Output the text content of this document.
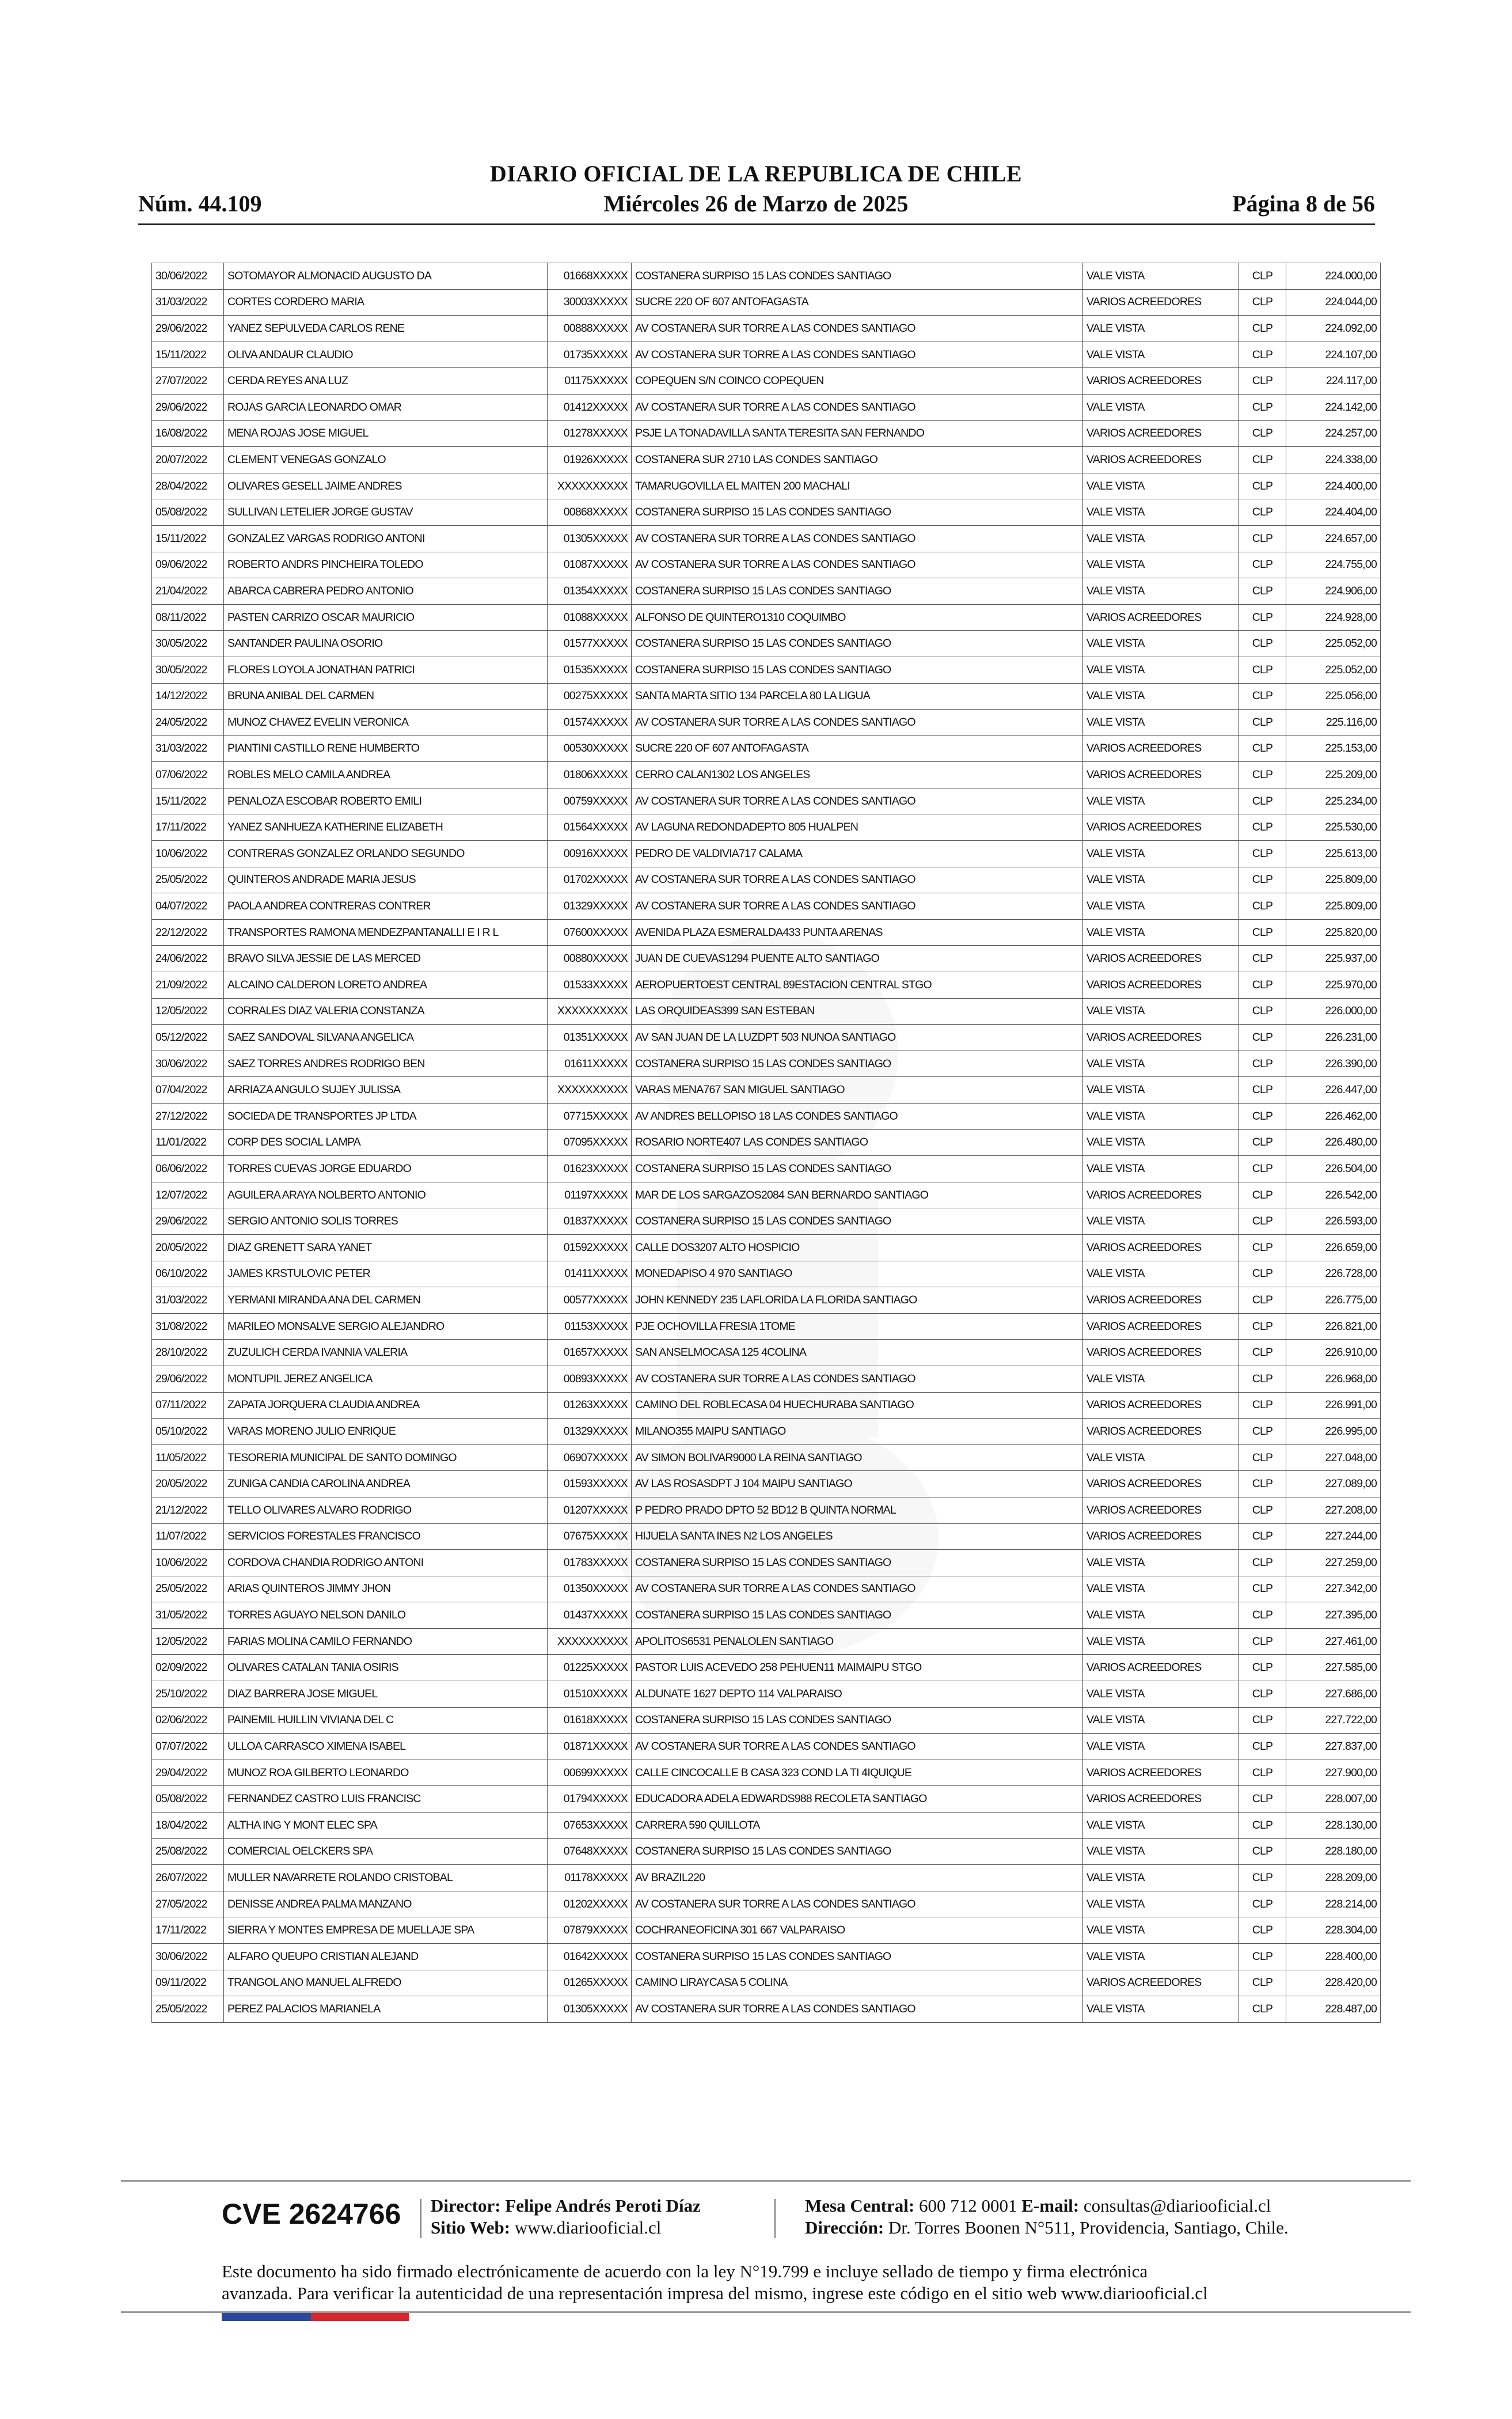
DIARIO OFICIAL DE LA REPUBLICA DE CHILE
Núm. 44.109	Miércoles 26 de Marzo de 2025	Página 8 de 56
30/06/2022	SOTOMAYOR ALMONACID AUGUSTO DA	01668XXXXX	COSTANERA SURPISO 15 LAS CONDES SANTIAGO	VALE VISTA	CLP	224.000,00
31/03/2022	CORTES CORDERO MARIA	30003XXXXX	SUCRE 220 OF 607 ANTOFAGASTA	VARIOS ACREEDORES	CLP	224.044,00
29/06/2022	YANEZ SEPULVEDA CARLOS RENE	00888XXXXX	AV COSTANERA SUR TORRE A LAS CONDES SANTIAGO	VALE VISTA	CLP	224.092,00
15/11/2022	OLIVA ANDAUR CLAUDIO	01735XXXXX	AV COSTANERA SUR TORRE A LAS CONDES SANTIAGO	VALE VISTA	CLP	224.107,00
27/07/2022	CERDA REYES ANA LUZ	01175XXXXX	COPEQUEN S/N COINCO COPEQUEN	VARIOS ACREEDORES	CLP	224.117,00
29/06/2022	ROJAS GARCIA LEONARDO OMAR	01412XXXXX	AV COSTANERA SUR TORRE A LAS CONDES SANTIAGO	VALE VISTA	CLP	224.142,00
16/08/2022	MENA ROJAS JOSE MIGUEL	01278XXXXX	PSJE LA TONADAVILLA SANTA TERESITA SAN FERNANDO	VARIOS ACREEDORES	CLP	224.257,00
20/07/2022	CLEMENT VENEGAS GONZALO	01926XXXXX	COSTANERA SUR 2710 LAS CONDES SANTIAGO	VARIOS ACREEDORES	CLP	224.338,00
28/04/2022	OLIVARES GESELL JAIME ANDRES	XXXXXXXXXX	TAMARUGOVILLA EL MAITEN 200 MACHALI	VALE VISTA	CLP	224.400,00
05/08/2022	SULLIVAN LETELIER JORGE GUSTAV	00868XXXXX	COSTANERA SURPISO 15 LAS CONDES SANTIAGO	VALE VISTA	CLP	224.404,00
15/11/2022	GONZALEZ VARGAS RODRIGO ANTONI	01305XXXXX	AV COSTANERA SUR TORRE A LAS CONDES SANTIAGO	VALE VISTA	CLP	224.657,00
09/06/2022	ROBERTO ANDRS PINCHEIRA TOLEDO	01087XXXXX	AV COSTANERA SUR TORRE A LAS CONDES SANTIAGO	VALE VISTA	CLP	224.755,00
21/04/2022	ABARCA CABRERA PEDRO ANTONIO	01354XXXXX	COSTANERA SURPISO 15 LAS CONDES SANTIAGO	VALE VISTA	CLP	224.906,00
08/11/2022	PASTEN CARRIZO OSCAR MAURICIO	01088XXXXX	ALFONSO DE QUINTERO1310 COQUIMBO	VARIOS ACREEDORES	CLP	224.928,00
30/05/2022	SANTANDER PAULINA OSORIO	01577XXXXX	COSTANERA SURPISO 15 LAS CONDES SANTIAGO	VALE VISTA	CLP	225.052,00
30/05/2022	FLORES LOYOLA JONATHAN PATRICI	01535XXXXX	COSTANERA SURPISO 15 LAS CONDES SANTIAGO	VALE VISTA	CLP	225.052,00
14/12/2022	BRUNA ANIBAL DEL CARMEN	00275XXXXX	SANTA MARTA SITIO 134 PARCELA 80 LA LIGUA	VALE VISTA	CLP	225.056,00
24/05/2022	MUNOZ CHAVEZ EVELIN VERONICA	01574XXXXX	AV COSTANERA SUR TORRE A LAS CONDES SANTIAGO	VALE VISTA	CLP	225.116,00
31/03/2022	PIANTINI CASTILLO RENE HUMBERTO	00530XXXXX	SUCRE 220 OF 607 ANTOFAGASTA	VARIOS ACREEDORES	CLP	225.153,00
07/06/2022	ROBLES MELO CAMILA ANDREA	01806XXXXX	CERRO CALAN1302 LOS ANGELES	VARIOS ACREEDORES	CLP	225.209,00
15/11/2022	PENALOZA ESCOBAR ROBERTO EMILI	00759XXXXX	AV COSTANERA SUR TORRE A LAS CONDES SANTIAGO	VALE VISTA	CLP	225.234,00
17/11/2022	YANEZ SANHUEZA KATHERINE ELIZABETH	01564XXXXX	AV LAGUNA REDONDADEPTO 805 HUALPEN	VARIOS ACREEDORES	CLP	225.530,00
10/06/2022	CONTRERAS GONZALEZ ORLANDO SEGUNDO	00916XXXXX	PEDRO DE VALDIVIA717 CALAMA	VALE VISTA	CLP	225.613,00
25/05/2022	QUINTEROS ANDRADE MARIA JESUS	01702XXXXX	AV COSTANERA SUR TORRE A LAS CONDES SANTIAGO	VALE VISTA	CLP	225.809,00
04/07/2022	PAOLA ANDREA CONTRERAS CONTRER	01329XXXXX	AV COSTANERA SUR TORRE A LAS CONDES SANTIAGO	VALE VISTA	CLP	225.809,00
22/12/2022	TRANSPORTES RAMONA MENDEZPANTANALLI E I R L	07600XXXXX	AVENIDA PLAZA ESMERALDA433 PUNTA ARENAS	VALE VISTA	CLP	225.820,00
24/06/2022	BRAVO SILVA JESSIE DE LAS MERCED	00880XXXXX	JUAN DE CUEVAS1294 PUENTE ALTO SANTIAGO	VARIOS ACREEDORES	CLP	225.937,00
21/09/2022	ALCAINO CALDERON LORETO ANDREA	01533XXXXX	AEROPUERTOEST CENTRAL 89ESTACION CENTRAL STGO	VARIOS ACREEDORES	CLP	225.970,00
12/05/2022	CORRALES DIAZ VALERIA CONSTANZA	XXXXXXXXXX	LAS ORQUIDEAS399 SAN ESTEBAN	VALE VISTA	CLP	226.000,00
05/12/2022	SAEZ SANDOVAL SILVANA ANGELICA	01351XXXXX	AV SAN JUAN DE LA LUZDPT 503 NUNOA SANTIAGO	VARIOS ACREEDORES	CLP	226.231,00
30/06/2022	SAEZ TORRES ANDRES RODRIGO BEN	01611XXXXX	COSTANERA SURPISO 15 LAS CONDES SANTIAGO	VALE VISTA	CLP	226.390,00
07/04/2022	ARRIAZA ANGULO SUJEY JULISSA	XXXXXXXXXX	VARAS MENA767 SAN MIGUEL SANTIAGO	VALE VISTA	CLP	226.447,00
27/12/2022	SOCIEDA DE TRANSPORTES JP LTDA	07715XXXXX	AV ANDRES BELLOPISO 18 LAS CONDES SANTIAGO	VALE VISTA	CLP	226.462,00
11/01/2022	CORP DES SOCIAL LAMPA	07095XXXXX	ROSARIO NORTE407 LAS CONDES SANTIAGO	VALE VISTA	CLP	226.480,00
06/06/2022	TORRES CUEVAS JORGE EDUARDO	01623XXXXX	COSTANERA SURPISO 15 LAS CONDES SANTIAGO	VALE VISTA	CLP	226.504,00
12/07/2022	AGUILERA ARAYA NOLBERTO ANTONIO	01197XXXXX	MAR DE LOS SARGAZOS2084 SAN BERNARDO SANTIAGO	VARIOS ACREEDORES	CLP	226.542,00
29/06/2022	SERGIO ANTONIO SOLIS TORRES	01837XXXXX	COSTANERA SURPISO 15 LAS CONDES SANTIAGO	VALE VISTA	CLP	226.593,00
20/05/2022	DIAZ GRENETT SARA YANET	01592XXXXX	CALLE DOS3207 ALTO HOSPICIO	VARIOS ACREEDORES	CLP	226.659,00
06/10/2022	JAMES KRSTULOVIC PETER	01411XXXXX	MONEDAPISO 4 970 SANTIAGO	VALE VISTA	CLP	226.728,00
31/03/2022	YERMANI MIRANDA ANA DEL CARMEN	00577XXXXX	JOHN KENNEDY 235 LAFLORIDA LA FLORIDA SANTIAGO	VARIOS ACREEDORES	CLP	226.775,00
31/08/2022	MARILEO MONSALVE SERGIO ALEJANDRO	01153XXXXX	PJE OCHOVILLA FRESIA 1TOME	VARIOS ACREEDORES	CLP	226.821,00
28/10/2022	ZUZULICH CERDA IVANNIA VALERIA	01657XXXXX	SAN ANSELMOCASA 125 4COLINA	VARIOS ACREEDORES	CLP	226.910,00
29/06/2022	MONTUPIL JEREZ ANGELICA	00893XXXXX	AV COSTANERA SUR TORRE A LAS CONDES SANTIAGO	VALE VISTA	CLP	226.968,00
07/11/2022	ZAPATA JORQUERA CLAUDIA ANDREA	01263XXXXX	CAMINO DEL ROBLECASA 04 HUECHURABA SANTIAGO	VARIOS ACREEDORES	CLP	226.991,00
05/10/2022	VARAS MORENO JULIO ENRIQUE	01329XXXXX	MILANO355 MAIPU SANTIAGO	VARIOS ACREEDORES	CLP	226.995,00
11/05/2022	TESORERIA MUNICIPAL DE SANTO DOMINGO	06907XXXXX	AV SIMON BOLIVAR9000 LA REINA SANTIAGO	VALE VISTA	CLP	227.048,00
20/05/2022	ZUNIGA CANDIA CAROLINA ANDREA	01593XXXXX	AV LAS ROSASDPT J 104 MAIPU SANTIAGO	VARIOS ACREEDORES	CLP	227.089,00
21/12/2022	TELLO OLIVARES ALVARO RODRIGO	01207XXXXX	P PEDRO PRADO DPTO 52 BD12 B QUINTA NORMAL	VARIOS ACREEDORES	CLP	227.208,00
11/07/2022	SERVICIOS FORESTALES FRANCISCO	07675XXXXX	HIJUELA SANTA INES N2 LOS ANGELES	VARIOS ACREEDORES	CLP	227.244,00
10/06/2022	CORDOVA CHANDIA RODRIGO ANTONI	01783XXXXX	COSTANERA SURPISO 15 LAS CONDES SANTIAGO	VALE VISTA	CLP	227.259,00
25/05/2022	ARIAS QUINTEROS JIMMY JHON	01350XXXXX	AV COSTANERA SUR TORRE A LAS CONDES SANTIAGO	VALE VISTA	CLP	227.342,00
31/05/2022	TORRES AGUAYO NELSON DANILO	01437XXXXX	COSTANERA SURPISO 15 LAS CONDES SANTIAGO	VALE VISTA	CLP	227.395,00
12/05/2022	FARIAS MOLINA CAMILO FERNANDO	XXXXXXXXXX	APOLITOS6531 PENALOLEN SANTIAGO	VALE VISTA	CLP	227.461,00
02/09/2022	OLIVARES CATALAN TANIA OSIRIS	01225XXXXX	PASTOR LUIS ACEVEDO 258 PEHUEN11 MAIMAIPU STGO	VARIOS ACREEDORES	CLP	227.585,00
25/10/2022	DIAZ BARRERA JOSE MIGUEL	01510XXXXX	ALDUNATE 1627 DEPTO 114 VALPARAISO	VALE VISTA	CLP	227.686,00
02/06/2022	PAINEMIL HUILLIN VIVIANA DEL C	01618XXXXX	COSTANERA SURPISO 15 LAS CONDES SANTIAGO	VALE VISTA	CLP	227.722,00
07/07/2022	ULLOA CARRASCO XIMENA ISABEL	01871XXXXX	AV COSTANERA SUR TORRE A LAS CONDES SANTIAGO	VALE VISTA	CLP	227.837,00
29/04/2022	MUNOZ ROA GILBERTO LEONARDO	00699XXXXX	CALLE CINCOCALLE B CASA 323 COND LA TI 4IQUIQUE	VARIOS ACREEDORES	CLP	227.900,00
05/08/2022	FERNANDEZ CASTRO LUIS FRANCISC	01794XXXXX	EDUCADORA ADELA EDWARDS988 RECOLETA SANTIAGO	VARIOS ACREEDORES	CLP	228.007,00
18/04/2022	ALTHA ING Y MONT ELEC SPA	07653XXXXX	CARRERA 590 QUILLOTA	VALE VISTA	CLP	228.130,00
25/08/2022	COMERCIAL OELCKERS SPA	07648XXXXX	COSTANERA SURPISO 15 LAS CONDES SANTIAGO	VALE VISTA	CLP	228.180,00
26/07/2022	MULLER NAVARRETE ROLANDO CRISTOBAL	01178XXXXX	AV BRAZIL220	VALE VISTA	CLP	228.209,00
27/05/2022	DENISSE ANDREA PALMA MANZANO	01202XXXXX	AV COSTANERA SUR TORRE A LAS CONDES SANTIAGO	VALE VISTA	CLP	228.214,00
17/11/2022	SIERRA Y MONTES EMPRESA DE MUELLAJE SPA	07879XXXXX	COCHRANEOFICINA 301 667 VALPARAISO	VALE VISTA	CLP	228.304,00
30/06/2022	ALFARO QUEUPO CRISTIAN ALEJAND	01642XXXXX	COSTANERA SURPISO 15 LAS CONDES SANTIAGO	VALE VISTA	CLP	228.400,00
09/11/2022	TRANGOL ANO MANUEL ALFREDO	01265XXXXX	CAMINO LIRAYCASA 5 COLINA	VARIOS ACREEDORES	CLP	228.420,00
25/05/2022	PEREZ PALACIOS MARIANELA	01305XXXXX	AV COSTANERA SUR TORRE A LAS CONDES SANTIAGO	VALE VISTA	CLP	228.487,00
CVE 2624766 Director: Felipe Andrés Peroti Díaz
Sitio Web: www.diariooficial.cl
Mesa Central: 600 712 0001 E-mail: consultas@diariooficial.cl
Dirección: Dr. Torres Boonen N°511, Providencia, Santiago, Chile.
Este documento ha sido firmado electrónicamente de acuerdo con la ley N°19.799 e incluye sellado de tiempo y firma electrónica
avanzada. Para verificar la autenticidad de una representación impresa del mismo, ingrese este código en el sitio web www.diariooficial.cl
